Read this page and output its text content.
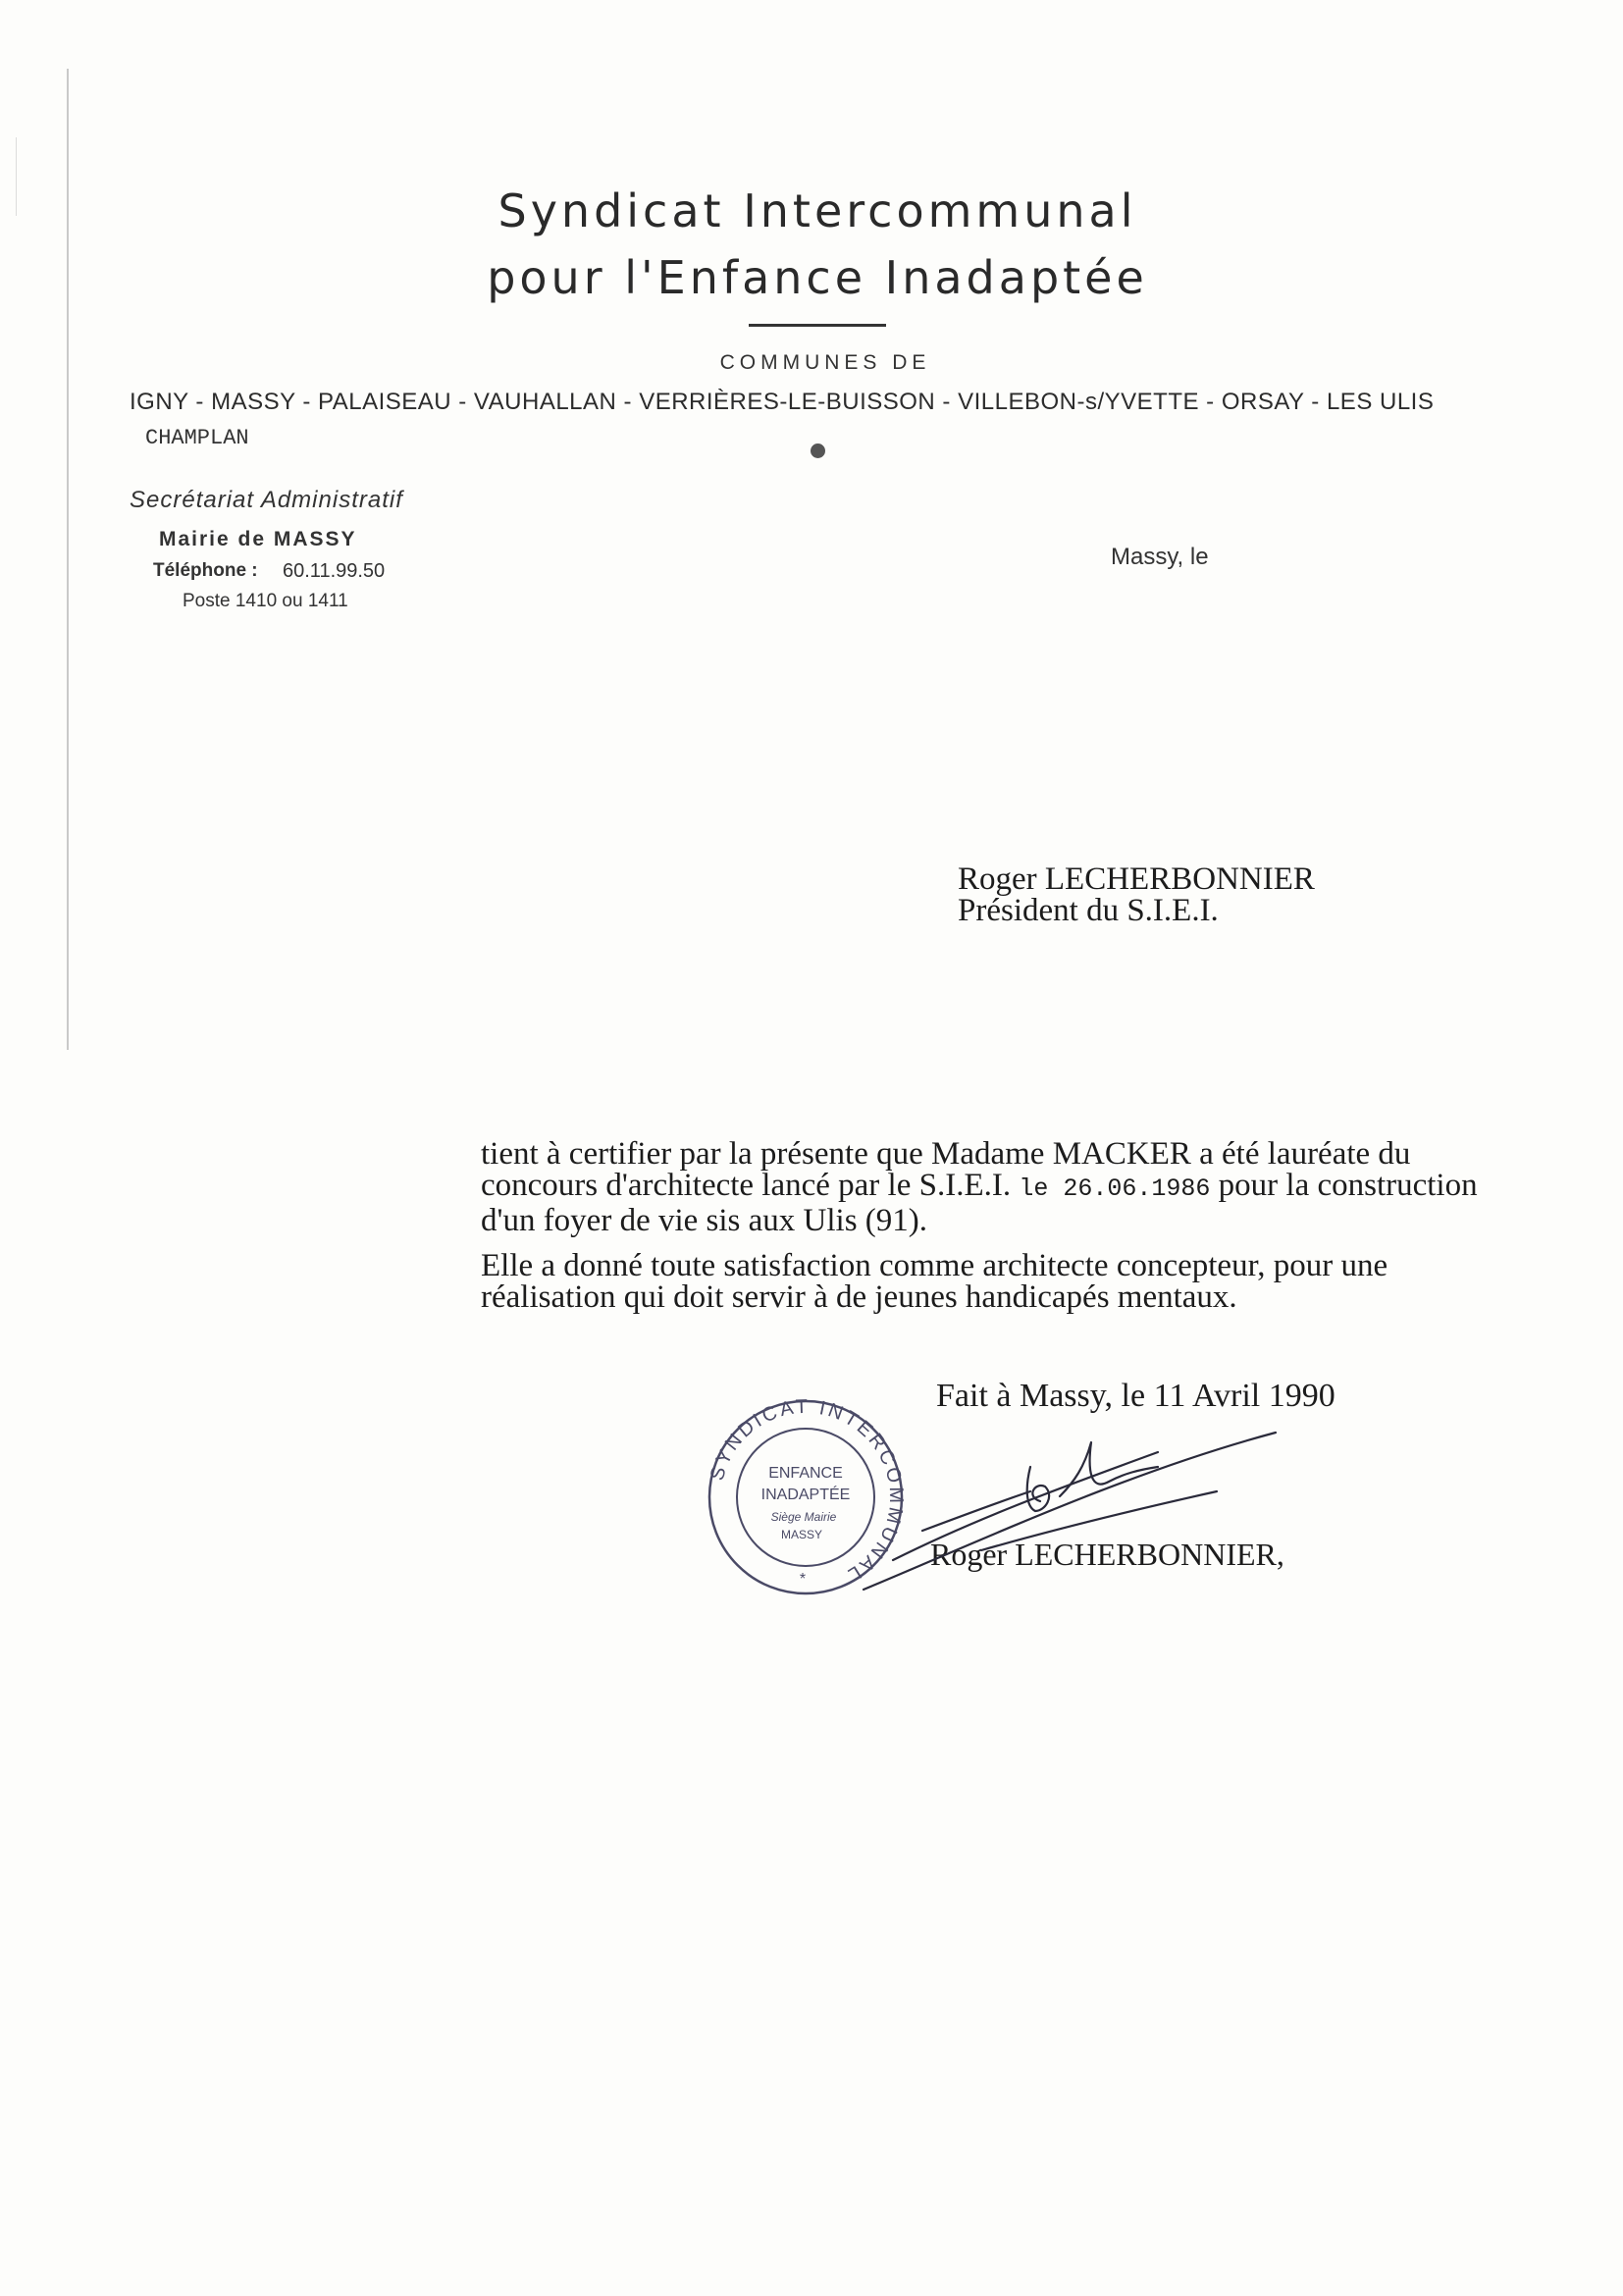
Syndicat Intercommunal
pour l'Enfance Inadaptée
COMMUNES DE
IGNY - MASSY - PALAISEAU - VAUHALLAN - VERRIÈRES-LE-BUISSON - VILLEBON-s/YVETTE - ORSAY - LES ULIS
CHAMPLAN
Secrétariat Administratif
Mairie de MASSY
Téléphone : 60.11.99.50
Poste 1410 ou 1411
Massy, le
Roger LECHERBONNIER
Président du S.I.E.I.
tient à certifier par la présente que Madame MACKER a été lauréate du concours d'architecte lancé par le S.I.E.I. le 26.06.1986 pour la construction d'un foyer de vie sis aux Ulis (91).
Elle a donné toute satisfaction comme architecte concepteur, pour une réalisation qui doit servir à de jeunes handicapés mentaux.
Fait à Massy, le 11 Avril 1990
SYNDICAT INTERCOMMUNAL
ENFANCE
INADAPTÉE
Siège Mairie
MASSY
*
Roger LECHERBONNIER,
